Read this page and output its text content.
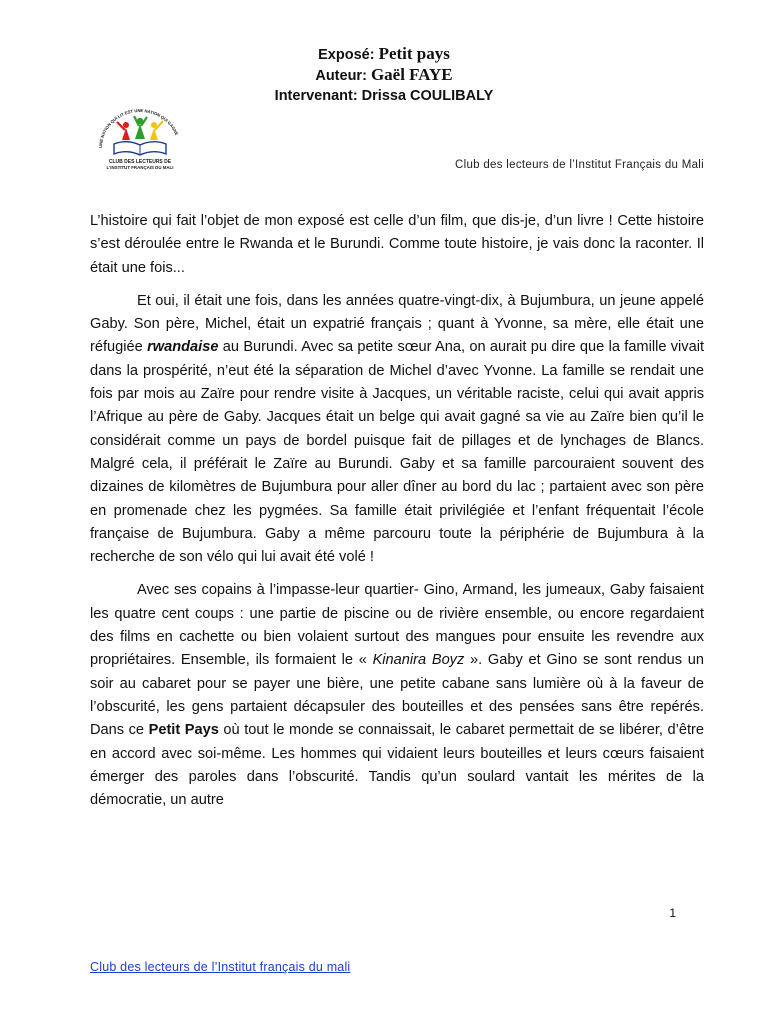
Exposé: Petit pays
Auteur: Gaël FAYE
Intervenant: Drissa COULIBALY
UNE NATION QUI LIT EST UNE NATION QUI GAGNE
CLUB DES LECTEURS DE
L'INSTITUT FRANÇAIS DU MALI	Club des lecteurs de l’Institut Français du Mali

L’histoire qui fait l’objet de mon exposé est celle d’un film, que dis-je, d’un livre ! Cette histoire s’est déroulée entre le Rwanda et le Burundi. Comme toute histoire, je vais donc la raconter. Il était une fois...

Et oui, il était une fois, dans les années quatre-vingt-dix, à Bujumbura, un jeune appelé Gaby. Son père, Michel, était un expatrié français ; quant à Yvonne, sa mère, elle était une réfugiée rwandaise au Burundi. Avec sa petite sœur Ana, on aurait pu dire que la famille vivait dans la prospérité, n’eut été la séparation de Michel d’avec Yvonne. La famille se rendait une fois par mois au Zaïre pour rendre visite à Jacques, un véritable raciste, celui qui avait appris l’Afrique au père de Gaby. Jacques était un belge qui avait gagné sa vie au Zaïre bien qu’il le considérait comme un pays de bordel puisque fait de pillages et de lynchages de Blancs. Malgré cela, il préférait le Zaïre au Burundi. Gaby et sa famille parcouraient souvent des dizaines de kilomètres de Bujumbura pour aller dîner au bord du lac ; partaient avec son père en promenade chez les pygmées. Sa famille était privilégiée et l’enfant fréquentait l’école française de Bujumbura. Gaby a même parcouru toute la périphérie de Bujumbura à la recherche de son vélo qui lui avait été volé !

Avec ses copains à l’impasse-leur quartier- Gino, Armand, les jumeaux, Gaby faisaient les quatre cent coups : une partie de piscine ou de rivière ensemble, ou encore regardaient des films en cachette ou bien volaient surtout des mangues pour ensuite les revendre aux propriétaires. Ensemble, ils formaient le « Kinanira Boyz ». Gaby et Gino se sont rendus un soir au cabaret pour se payer une bière, une petite cabane sans lumière où à la faveur de l’obscurité, les gens partaient décapsuler des bouteilles et des pensées sans être repérés. Dans ce Petit Pays où tout le monde se connaissait, le cabaret permettait de se libérer, d’être en accord avec soi-même. Les hommes qui vidaient leurs bouteilles et leurs cœurs faisaient émerger des paroles dans l’obscurité. Tandis qu’un soulard vantait les mérites de la démocratie, un autre

1
Club des lecteurs de l’Institut français du mali
